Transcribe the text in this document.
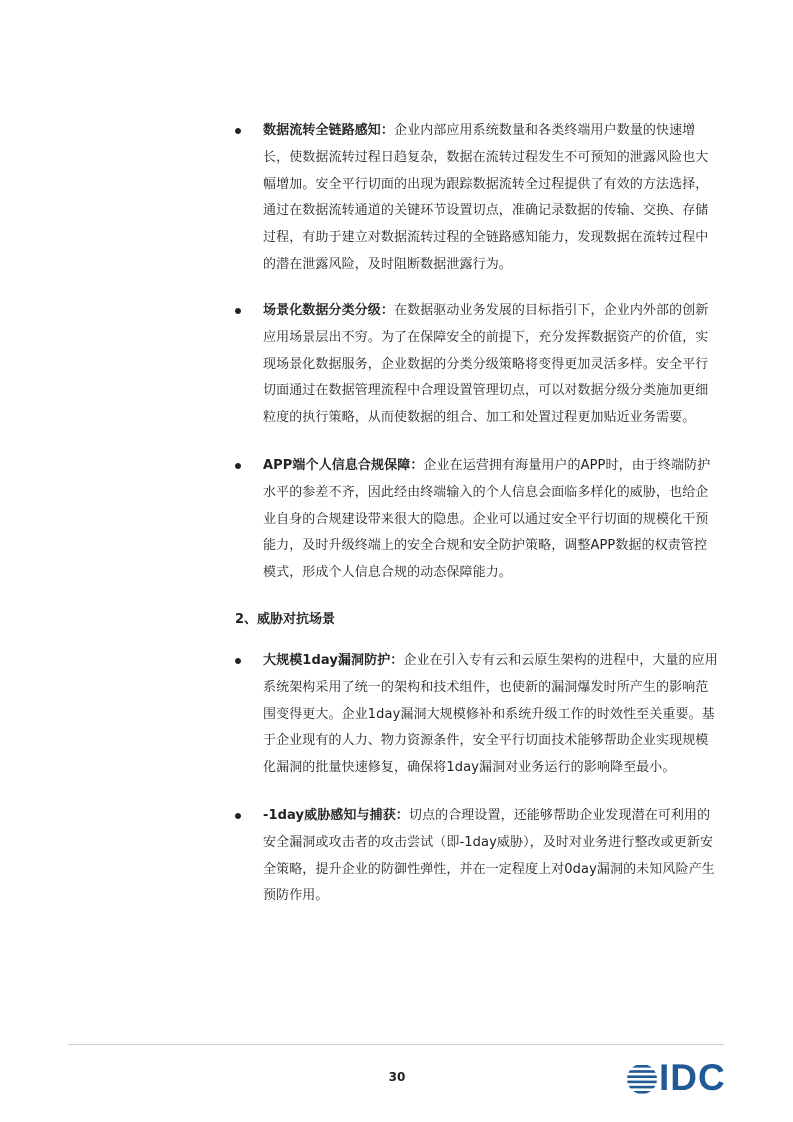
数据流转全链路感知：企业内部应用系统数量和各类终端用户数量的快速增
长，使数据流转过程日趋复杂，数据在流转过程发生不可预知的泄露风险也大
幅增加。安全平行切面的出现为跟踪数据流转全过程提供了有效的方法选择，
通过在数据流转通道的关键环节设置切点，准确记录数据的传输、交换、存储
过程，有助于建立对数据流转过程的全链路感知能力，发现数据在流转过程中
的潜在泄露风险，及时阻断数据泄露行为。
场景化数据分类分级：在数据驱动业务发展的目标指引下，企业内外部的创新
应用场景层出不穷。为了在保障安全的前提下，充分发挥数据资产的价值，实
现场景化数据服务，企业数据的分类分级策略将变得更加灵活多样。安全平行
切面通过在数据管理流程中合理设置管理切点，可以对数据分级分类施加更细
粒度的执行策略，从而使数据的组合、加工和处置过程更加贴近业务需要。
APP端个人信息合规保障：企业在运营拥有海量用户的APP时，由于终端防护
水平的参差不齐，因此经由终端输入的个人信息会面临多样化的威胁，也给企
业自身的合规建设带来很大的隐患。企业可以通过安全平行切面的规模化干预
能力，及时升级终端上的安全合规和安全防护策略，调整APP数据的权责管控
模式，形成个人信息合规的动态保障能力。
2、威胁对抗场景
大规模1day漏洞防护：企业在引入专有云和云原生架构的进程中，大量的应用
系统架构采用了统一的架构和技术组件，也使新的漏洞爆发时所产生的影响范
围变得更大。企业1day漏洞大规模修补和系统升级工作的时效性至关重要。基
于企业现有的人力、物力资源条件，安全平行切面技术能够帮助企业实现规模
化漏洞的批量快速修复，确保将1day漏洞对业务运行的影响降至最小。
-1day威胁感知与捕获：切点的合理设置，还能够帮助企业发现潜在可利用的
安全漏洞或攻击者的攻击尝试（即-1day威胁），及时对业务进行整改或更新安
全策略，提升企业的防御性弹性，并在一定程度上对0day漏洞的未知风险产生
预防作用。
30	IDC
